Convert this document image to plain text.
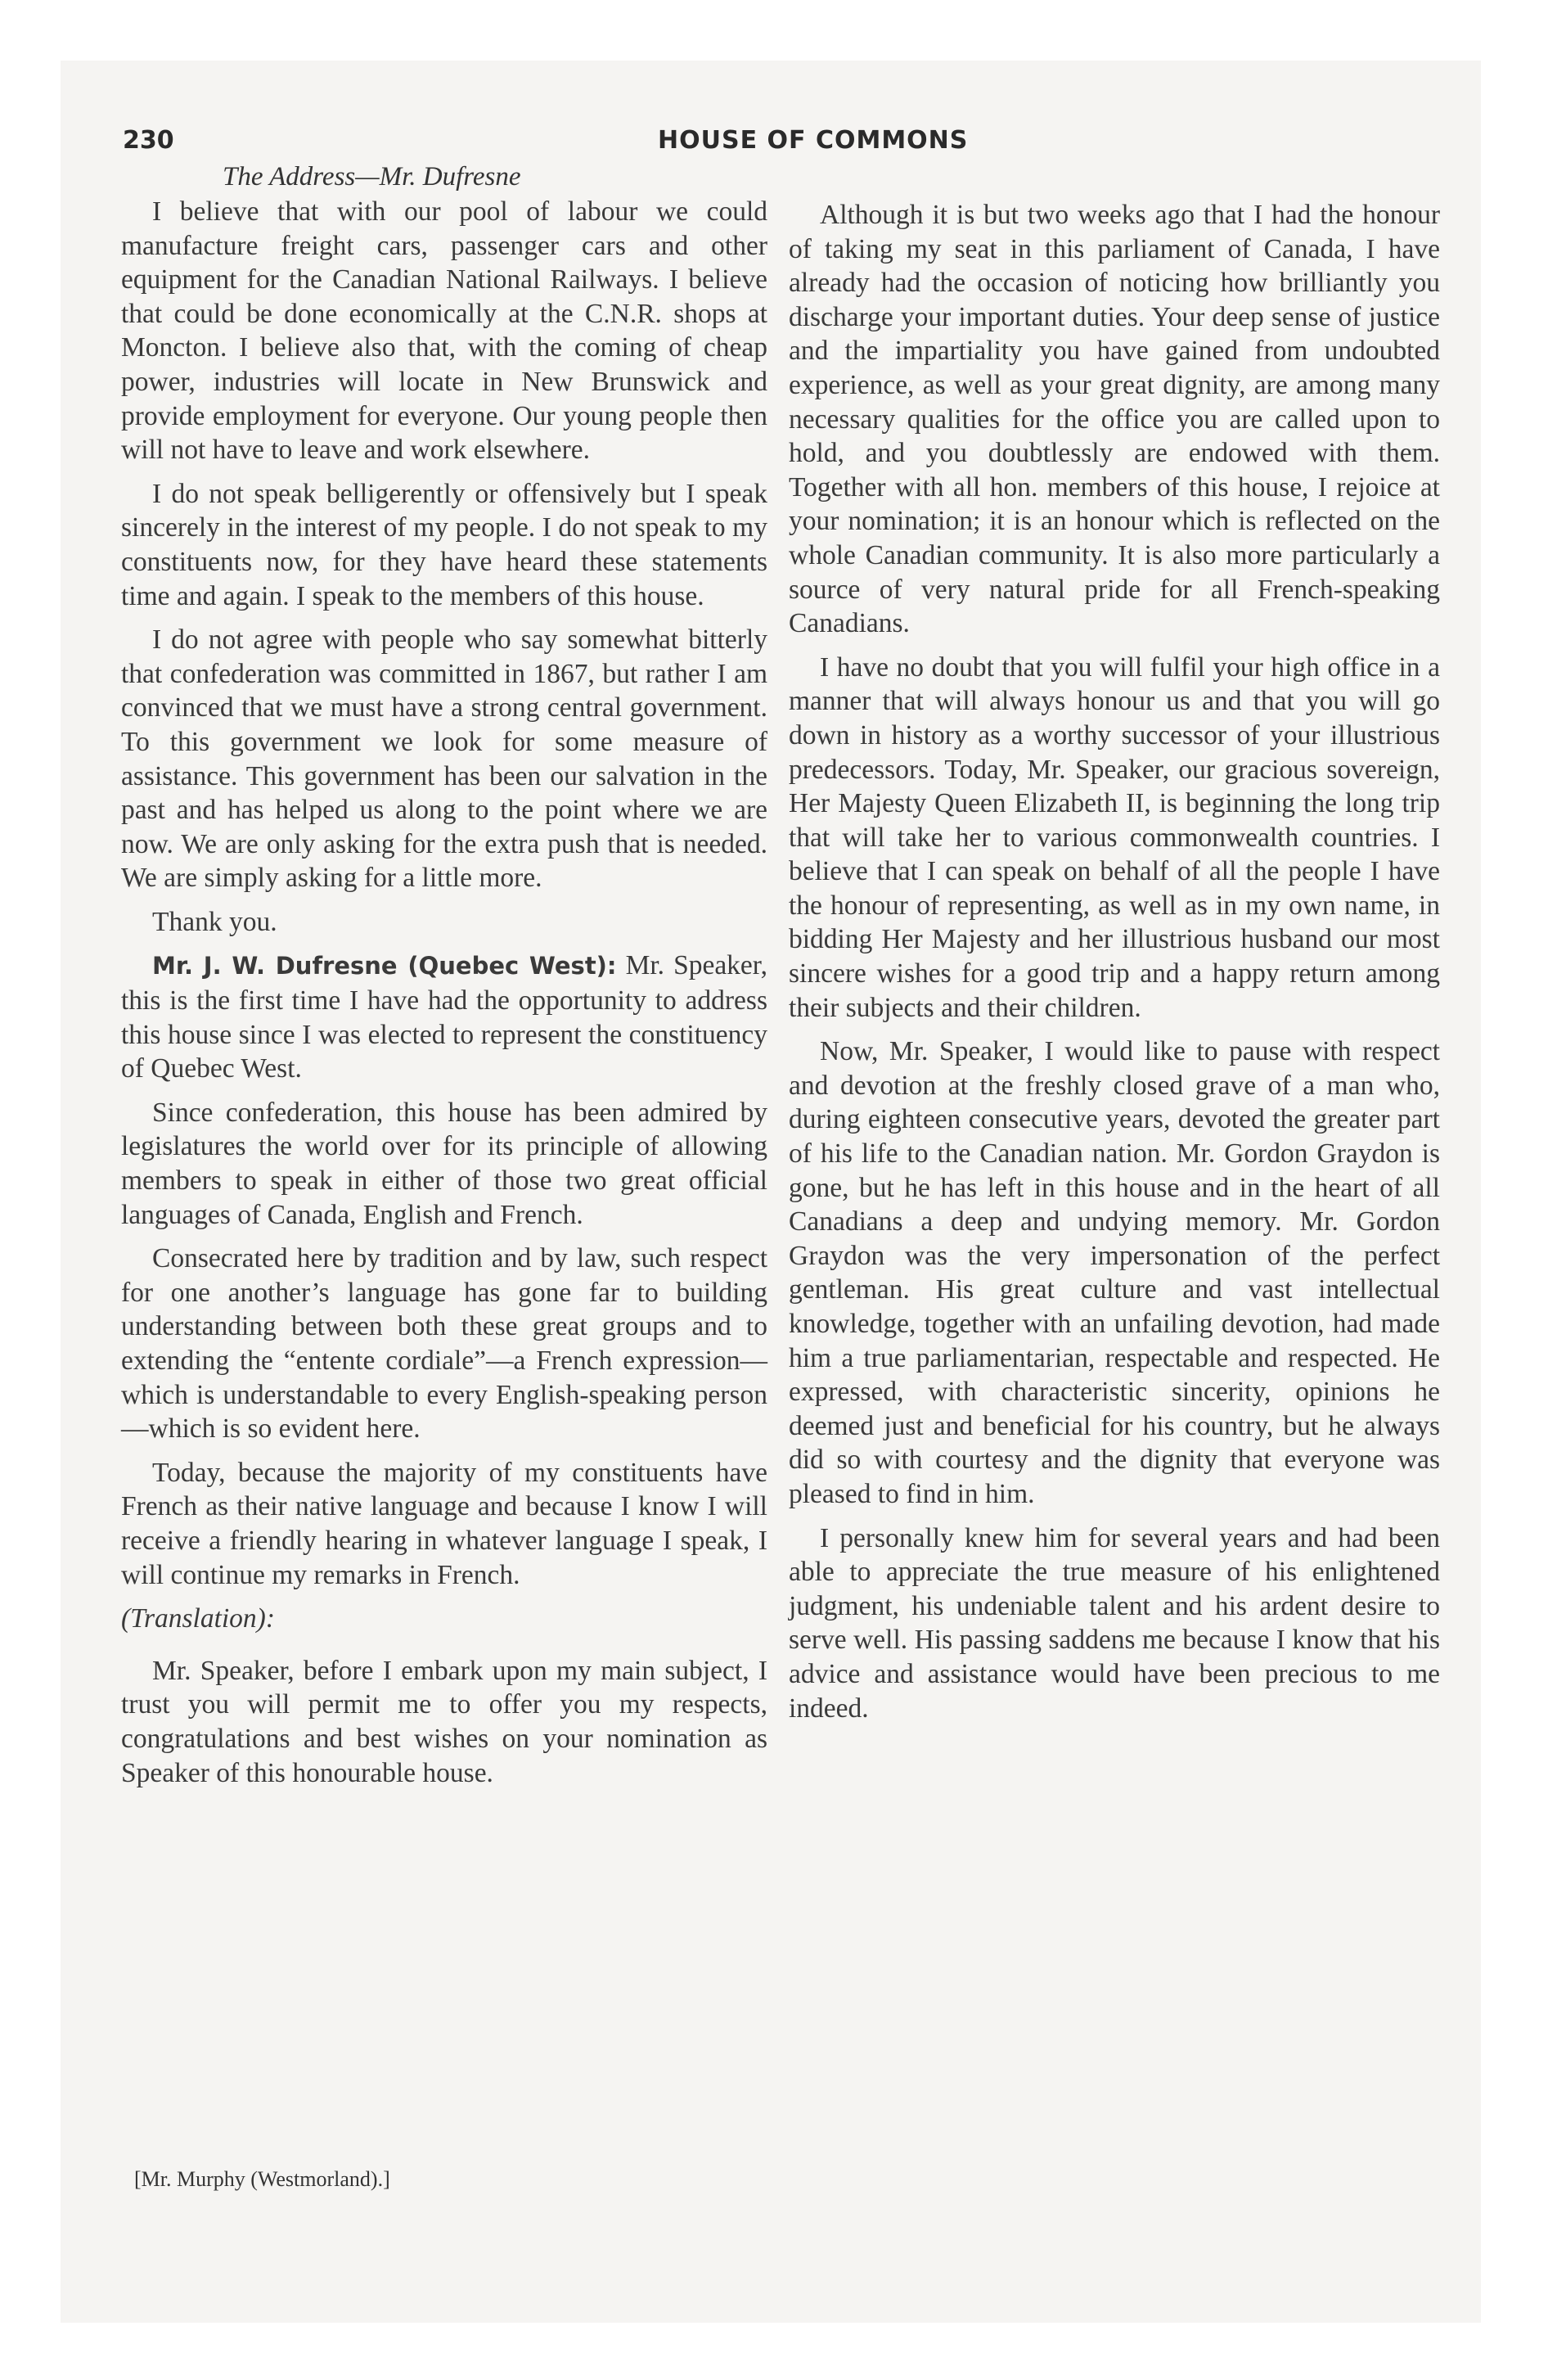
230	HOUSE OF COMMONS
The Address—Mr. Dufresne

I believe that with our pool of labour we could manufacture freight cars, passenger cars and other equipment for the Canadian National Railways. I believe that could be done economically at the C.N.R. shops at Moncton. I believe also that, with the coming of cheap power, industries will locate in New Brunswick and provide employment for everyone. Our young people then will not have to leave and work elsewhere.

I do not speak belligerently or offensively but I speak sincerely in the interest of my people. I do not speak to my constituents now, for they have heard these statements time and again. I speak to the members of this house.

I do not agree with people who say somewhat bitterly that confederation was committed in 1867, but rather I am convinced that we must have a strong central government. To this government we look for some measure of assistance. This government has been our salvation in the past and has helped us along to the point where we are now. We are only asking for the extra push that is needed. We are simply asking for a little more.

Thank you.

Mr. J. W. Dufresne (Quebec West): Mr. Speaker, this is the first time I have had the opportunity to address this house since I was elected to represent the constituency of Quebec West.

Since confederation, this house has been admired by legislatures the world over for its principle of allowing members to speak in either of those two great official languages of Canada, English and French.

Consecrated here by tradition and by law, such respect for one another’s language has gone far to building understanding between both these great groups and to extending the “entente cordiale”—a French expression—which is understandable to every English-speaking person—which is so evident here.

Today, because the majority of my constituents have French as their native language and because I know I will receive a friendly hearing in whatever language I speak, I will continue my remarks in French.

(Translation):

Mr. Speaker, before I embark upon my main subject, I trust you will permit me to offer you my respects, congratulations and best wishes on your nomination as Speaker of this honourable house.

Although it is but two weeks ago that I had the honour of taking my seat in this parliament of Canada, I have already had the occasion of noticing how brilliantly you discharge your important duties. Your deep sense of justice and the impartiality you have gained from undoubted experience, as well as your great dignity, are among many necessary qualities for the office you are called upon to hold, and you doubtlessly are endowed with them. Together with all hon. members of this house, I rejoice at your nomination; it is an honour which is reflected on the whole Canadian community. It is also more particularly a source of very natural pride for all French-speaking Canadians.

I have no doubt that you will fulfil your high office in a manner that will always honour us and that you will go down in history as a worthy successor of your illustrious predecessors. Today, Mr. Speaker, our gracious sovereign, Her Majesty Queen Elizabeth II, is beginning the long trip that will take her to various commonwealth countries. I believe that I can speak on behalf of all the people I have the honour of representing, as well as in my own name, in bidding Her Majesty and her illustrious husband our most sincere wishes for a good trip and a happy return among their subjects and their children.

Now, Mr. Speaker, I would like to pause with respect and devotion at the freshly closed grave of a man who, during eighteen consecutive years, devoted the greater part of his life to the Canadian nation. Mr. Gordon Graydon is gone, but he has left in this house and in the heart of all Canadians a deep and undying memory. Mr. Gordon Graydon was the very impersonation of the perfect gentleman. His great culture and vast intellectual knowledge, together with an unfailing devotion, had made him a true parliamentarian, respectable and respected. He expressed, with characteristic sincerity, opinions he deemed just and beneficial for his country, but he always did so with courtesy and the dignity that everyone was pleased to find in him.

I personally knew him for several years and had been able to appreciate the true measure of his enlightened judgment, his undeniable talent and his ardent desire to serve well. His passing saddens me because I know that his advice and assistance would have been precious to me indeed.

[Mr. Murphy (Westmorland).]
